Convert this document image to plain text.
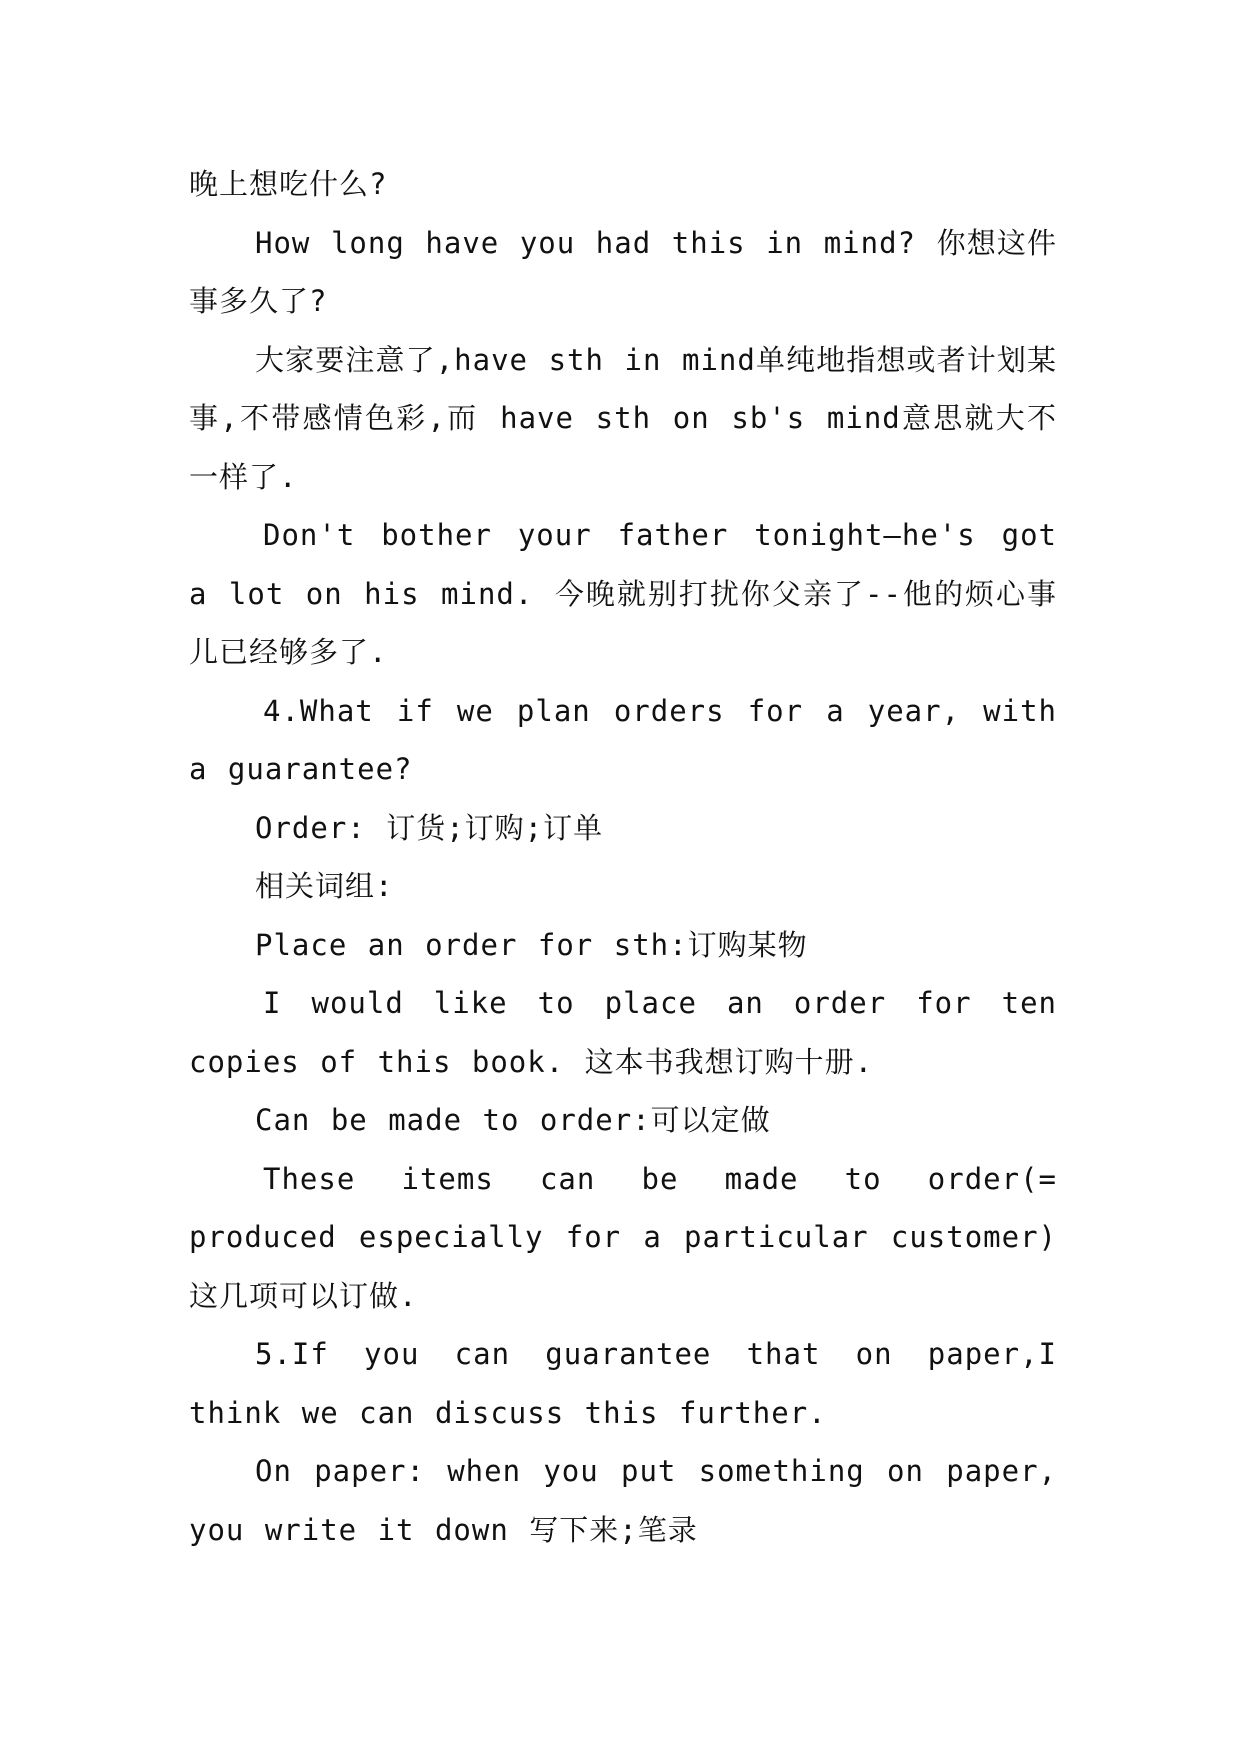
晚上想吃什么?

How long have you had this in mind? 你想这件事多久了?

大家要注意了,have sth in mind单纯地指想或者计划某事,不带感情色彩,而 have sth on sb's mind意思就大不一样了.

Don't bother your father tonight—he's got a lot on his mind. 今晚就别打扰你父亲了--他的烦心事儿已经够多了.

4.What if we plan orders for a year, with a guarantee?

Order: 订货;订购;订单

相关词组:

Place an order for sth:订购某物

I would like to place an order for ten copies of this book. 这本书我想订购十册.

Can be made to order:可以定做

These items can be made to order(= produced especially for a particular customer) 这几项可以订做.

5.If you can guarantee that on paper,I think we can discuss this further.

On paper: when you put something on paper, you write it down 写下来;笔录
